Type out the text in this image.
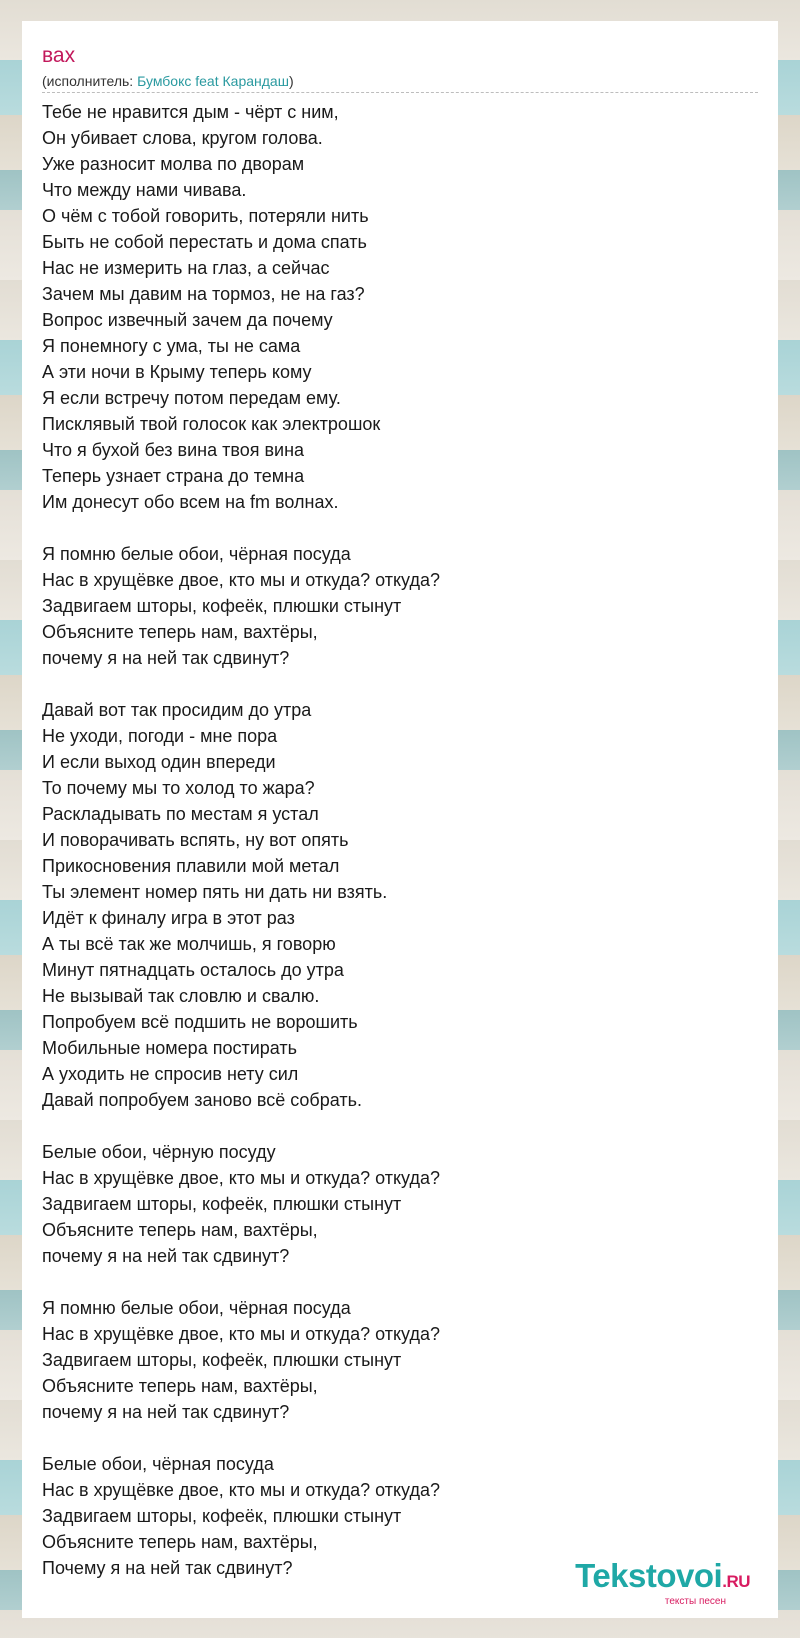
вах
(исполнитель: Бумбокс feat Карандаш)

Тебе не нравится дым - чёрт с ним,
Он убивает слова, кругом голова.
Уже разносит молва по дворам
Что между нами чивава.
О чём с тобой говорить, потеряли нить
Быть не собой перестать и дома спать
Нас не измерить на глаз, а сейчас
Зачем мы давим на тормоз, не на газ?
Вопрос извечный зачем да почему
Я понемногу с ума, ты не сама
А эти ночи в Крыму теперь кому
Я если встречу потом передам ему.
Писклявый твой голосок как электрошок
Что я бухой без вина твоя вина
Теперь узнает страна до темна
Им донесут обо всем на fm волнах.

Я помню белые обои, чёрная посуда
Нас в хрущёвке двое, кто мы и откуда? откуда?
Задвигаем шторы, кофеёк, плюшки стынут
Объясните теперь нам, вахтёры,
почему я на ней так сдвинут?

Давай вот так просидим до утра
Не уходи, погоди - мне пора
И если выход один впереди
То почему мы то холод то жара?
Раскладывать по местам я устал
И поворачивать вспять, ну вот опять
Прикосновения плавили мой метал
Ты элемент номер пять ни дать ни взять.
Идёт к финалу игра в этот раз
А ты всё так же молчишь, я говорю
Минут пятнадцать осталось до утра
Не вызывай так словлю и свалю.
Попробуем всё подшить не ворошить
Мобильные номера постирать
А уходить не спросив нету сил
Давай попробуем заново всё собрать.

Белые обои, чёрную посуду
Нас в хрущёвке двое, кто мы и откуда? откуда?
Задвигаем шторы, кофеёк, плюшки стынут
Объясните теперь нам, вахтёры,
почему я на ней так сдвинут?

Я помню белые обои, чёрная посуда
Нас в хрущёвке двое, кто мы и откуда? откуда?
Задвигаем шторы, кофеёк, плюшки стынут
Объясните теперь нам, вахтёры,
почему я на ней так сдвинут?

Белые обои, чёрная посуда
Нас в хрущёвке двое, кто мы и откуда? откуда?
Задвигаем шторы, кофеёк, плюшки стынут
Объясните теперь нам, вахтёры,
Почему я на ней так сдвинут?	Tekstovoi.RU
тексты песен
